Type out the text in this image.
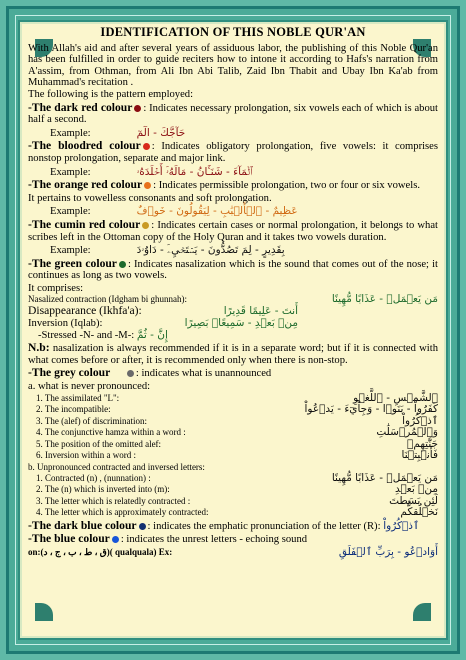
IDENTIFICATION OF THIS NOBLE QUR'AN
With Allah's aid and after several years of assiduous labor, the publishing of this Noble Qur'an has been fulfilled in order to guide reciters how to intone it according to Hafs's narration from A'assim, from Othman, from Ali Ibn Abi Talib, Zaid Ibn Thabit and Ubay Ibn Ka'ab from Muhammad's recitation .
The following is the pattern employed:
-The dark red colour : Indicates necessary prolongation, six vowels each of which is about half a second.
Example:	حَآجَّكَ - الٓمٓ
-The bloodred colour : Indicates obligatory prolongation, five vowels: it comprises nonstop prolongation, separate and major link.
Example:	ٱلۡمَآءَ - شَنَـَٔانُ - مَالَهُۥٓ أَخۡلَدَهُۥ
-The orange red colour : Indicates permissible prolongation, two or four or six vowels.
It pertains to vowelless consonants and soft prolongation.
Example:	عَظِيمٌ - ٱلۡأَلۡبَٰبِ - لِيَقُولُونَ - خَوۡفٌ
-The cumin red colour : Indicates certain cases or normal prolongation, it belongs to what scribes left in the Ottoman copy of the Holy Quran and it takes two vowels duration.
Example:	بِقَدِيرٍ - لِمَ تَصُدُّونَ - يَسۡتَحۡيِۦٓ - دَاوُۥدَ
-The green colour : Indicates nasalization which is the sound that comes out of the nose; it continues as long as two vowels.
It comprises:
Nasalized contraction (Idgham bi ghunnah):	مَن يَعۡمَلۡ - عَذَابًا مُّهِينًا
Disappearance (Ikhfa'a):	أَنتَ - عَلِيمًا قَدِيرًا
Inversion (Iqlab):	مِنۢ بَعۡدِ - سَمِيعًاۢ بَصِيرًا
-Stressed -N- and -M-: إِنَّ - ثُمَّ
N.b: nasalization is always recommended if it is in a separate word; but if it is connected with what comes before or after, it is recommended only when there is non-stop.
-The grey colour : indicates what is unannounced
a. what is never pronounced:
1. The assimilated "L":	ٱلشَّمۡسِ - ٱللَّغۡوِ
2. The incompatible:	كَفَرُواْ - بَنَوۡا - وَجِاْيٓءَ - يَدۡعُواْ
3. The (alef) of discrimination:	ٱذۡكُرُواْ
4. The conjunctive hamza within a word :	وَٱلۡمُرۡسَلَٰتِ
5. The position of the omitted alef:	جَنَّٰتِهِمۡ
6. Inversion within a word :	فَأَنۢبِتۡنَا
b. Unpronounced contracted and inversed letters:
1. Contracted (n) , (nunnation) :	مَن يَعۡمَلۡ - عَذَابًا مُّهِينًا
2. The (n) which is inverted into (m):	مِنۢ بَعۡدِ
3. The letter which is relatedly contracted :	لَئِن بَسَطتَ
4. The letter which is approximately contracted:	نَخۡلُقكُّم
-The dark blue colour : indicates the emphatic pronunciation of the letter (R): ٱذۡكُرُواْ
-The blue colour : indicates the unrest letters - echoing sound
on:(ق ، ط ، ب ، ج ، د)( qualquala) Ex:	أَوَادۡعُو - بِرَبِّ ٱلۡفَلَقِ
